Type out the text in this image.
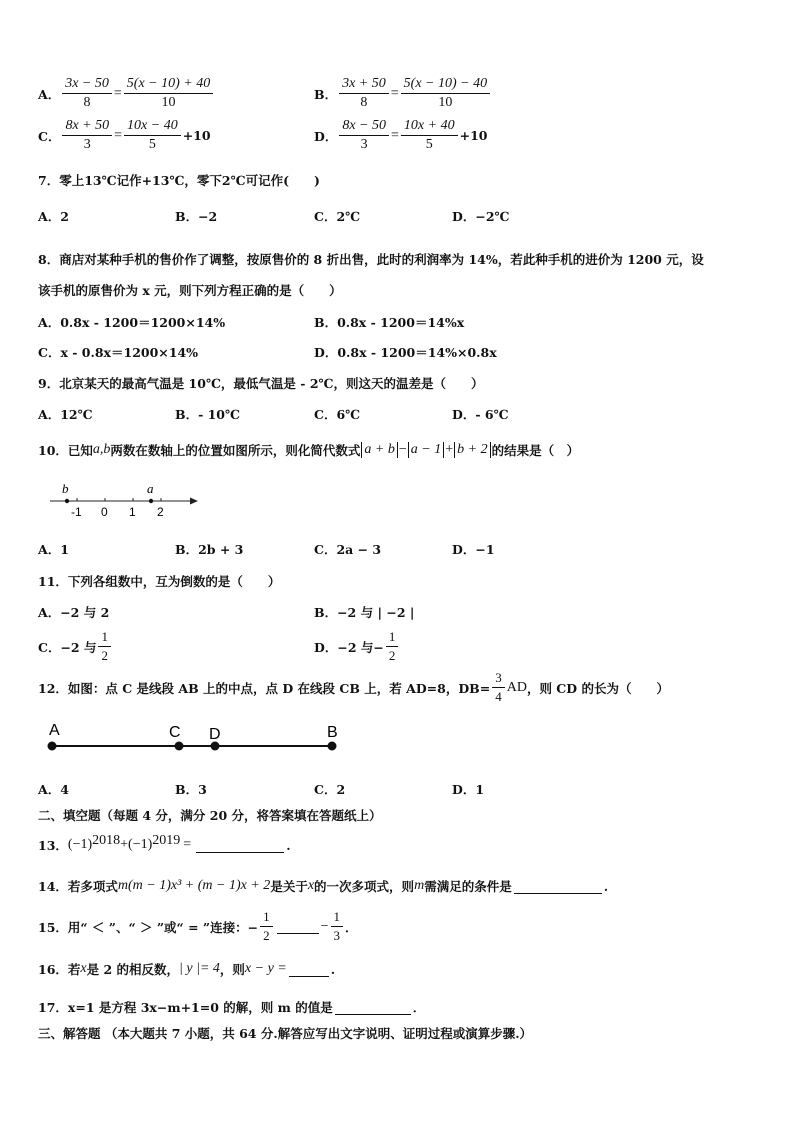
A． $\frac{3x - 50}{8} = \frac{5(x - 10) + 40}{10}$	B． $\frac{3x + 50}{8} = \frac{5(x - 10) - 40}{10}$
C． $\frac{8x + 50}{3} = \frac{10x - 40}{5} +10$	D． $\frac{8x - 50}{3} = \frac{10x + 40}{5} +10$
7．零上13℃记作+13℃，零下2℃可记作(　　)
A．2	B．−2	C．2℃	D．−2℃
8．商店对某种手机的售价作了调整，按原售价的 8 折出售，此时的利润率为 14%，若此种手机的进价为 1200 元，设
该手机的原售价为 x 元，则下列方程正确的是（　　）
A．0.8x - 1200＝1200×14%	B．0.8x - 1200＝14%x
C．x - 0.8x＝1200×14%	D．0.8x - 1200＝14%×0.8x
9．北京某天的最高气温是 10℃，最低气温是 - 2℃，则这天的温差是（　　）
A．12℃	B．- 10℃	C．6℃	D．- 6℃
10．已知 a,b 两数在数轴上的位置如图所示，则化简代数式 a + b − a − 1 + b + 2 的结果是（　）
b	a
-1 0 1 2
A．1	B．2b + 3	C．2a − 3	D．−1
11．下列各组数中，互为倒数的是（　　）
A．−2 与 2	B．−2 与 | −2 |
C．−2 与 $\frac{1}{2}$	D．−2 与− $\frac{1}{2}$
12．如图：点 C 是线段 AB 上的中点，点 D 在线段 CB 上，若 AD=8，$DB= \frac{3}{4}$ AD ，则 CD 的长为（　　）
A	C D	B
A．4	B．3	C．2	D．1
二、填空题（每题 4 分，满分 20 分，将答案填在答题纸上）
13． $(-1)^{2018} + (-1)^{2019}$ =	.
14．若多项式 m(m − 1)x³ + (m − 1)x + 2 是关于 x 的一次多项式，则 m 需满足的条件是	.
15．用“ ＜ ”、“ ＞ ”或“ = ”连接：− $\frac{1}{2}$	− $\frac{1}{3}$ ．
16．若 x 是 2 的相反数， | y |= 4 ，则 x − y =	.
17．x=1 是方程 3x−m+1=0 的解，则 m 的值是	．
三、解答题 （本大题共 7 小题，共 64 分.解答应写出文字说明、证明过程或演算步骤.）
